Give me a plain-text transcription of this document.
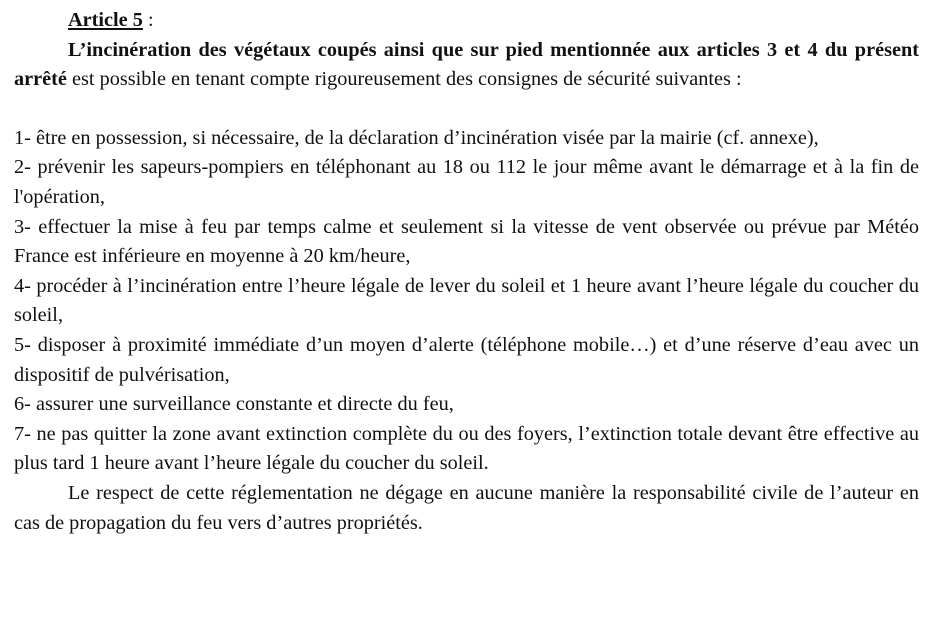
Article 5 :

L’incinération des végétaux coupés ainsi que sur pied mentionnée aux articles 3 et 4 du présent arrêté est possible en tenant compte rigoureusement des consignes de sécurité suivantes :

1- être en possession, si nécessaire, de la déclaration d’incinération visée par la mairie (cf. annexe),
2- prévenir les sapeurs-pompiers en téléphonant au 18 ou 112 le jour même avant le démarrage et à la fin de l'opération,
3- effectuer la mise à feu par temps calme et seulement si la vitesse de vent observée ou prévue par Météo France est inférieure en moyenne à 20 km/heure,
4- procéder à l’incinération entre l’heure légale de lever du soleil et 1 heure avant l’heure légale du coucher du soleil,
5- disposer à proximité immédiate d’un moyen d’alerte (téléphone mobile…) et d’une réserve d’eau avec un dispositif de pulvérisation,
6- assurer une surveillance constante et directe du feu,
7- ne pas quitter la zone avant extinction complète du ou des foyers, l’extinction totale devant être effective au plus tard 1 heure avant l’heure légale du coucher du soleil.

Le respect de cette réglementation ne dégage en aucune manière la responsabilité civile de l’auteur en cas de propagation du feu vers d’autres propriétés.
